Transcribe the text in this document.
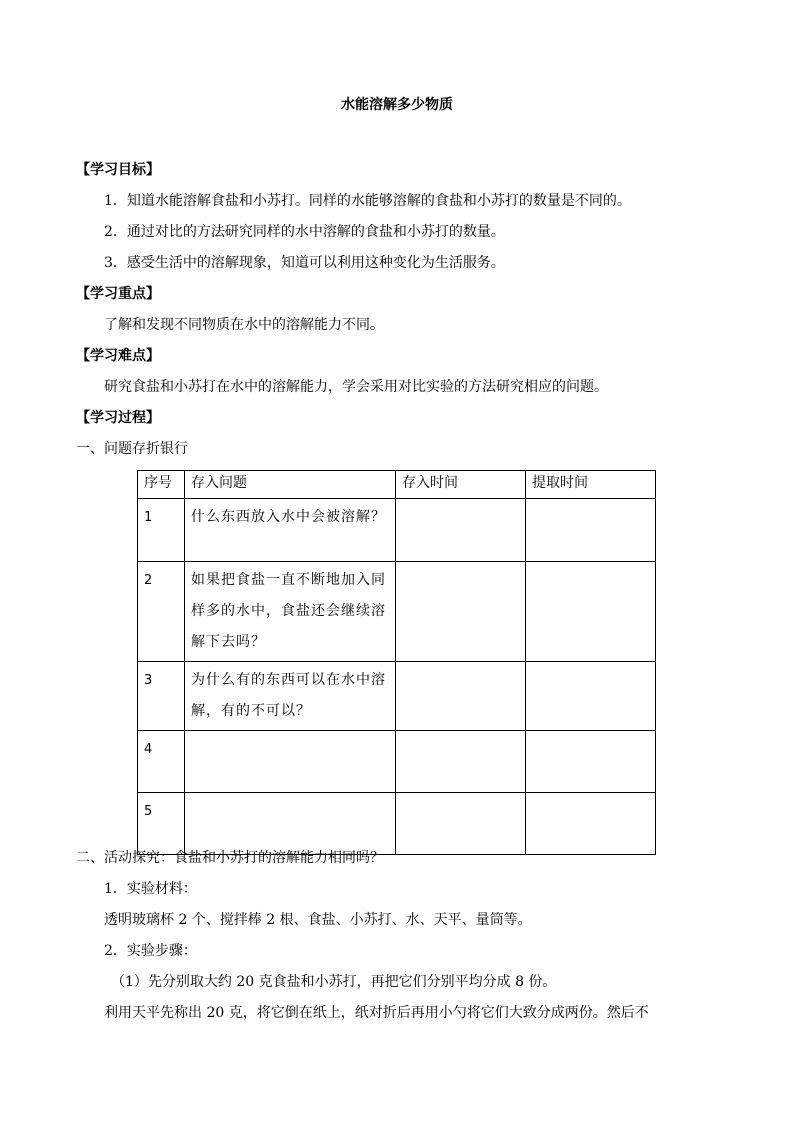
水能溶解多少物质
【学习目标】
1．知道水能溶解食盐和小苏打。同样的水能够溶解的食盐和小苏打的数量是不同的。
2．通过对比的方法研究同样的水中溶解的食盐和小苏打的数量。
3．感受生活中的溶解现象，知道可以利用这种变化为生活服务。
【学习重点】
了解和发现不同物质在水中的溶解能力不同。
【学习难点】
研究食盐和小苏打在水中的溶解能力，学会采用对比实验的方法研究相应的问题。
【学习过程】
一、问题存折银行
序号	存入问题	存入时间	提取时间
1	什么东西放入水中会被溶解？		
2	如果把食盐一直不断地加入同样多的水中，食盐还会继续溶解下去吗？		
3	为什么有的东西可以在水中溶解，有的不可以？		
4			
5			
二、活动探究：食盐和小苏打的溶解能力相同吗？
1．实验材料：
透明玻璃杯 2 个、搅拌棒 2 根、食盐、小苏打、水、天平、量筒等。
2．实验步骤：
（1）先分别取大约 20 克食盐和小苏打，再把它们分别平均分成 8 份。
利用天平先称出 20 克，将它倒在纸上，纸对折后再用小勺将它们大致分成两份。然后不
